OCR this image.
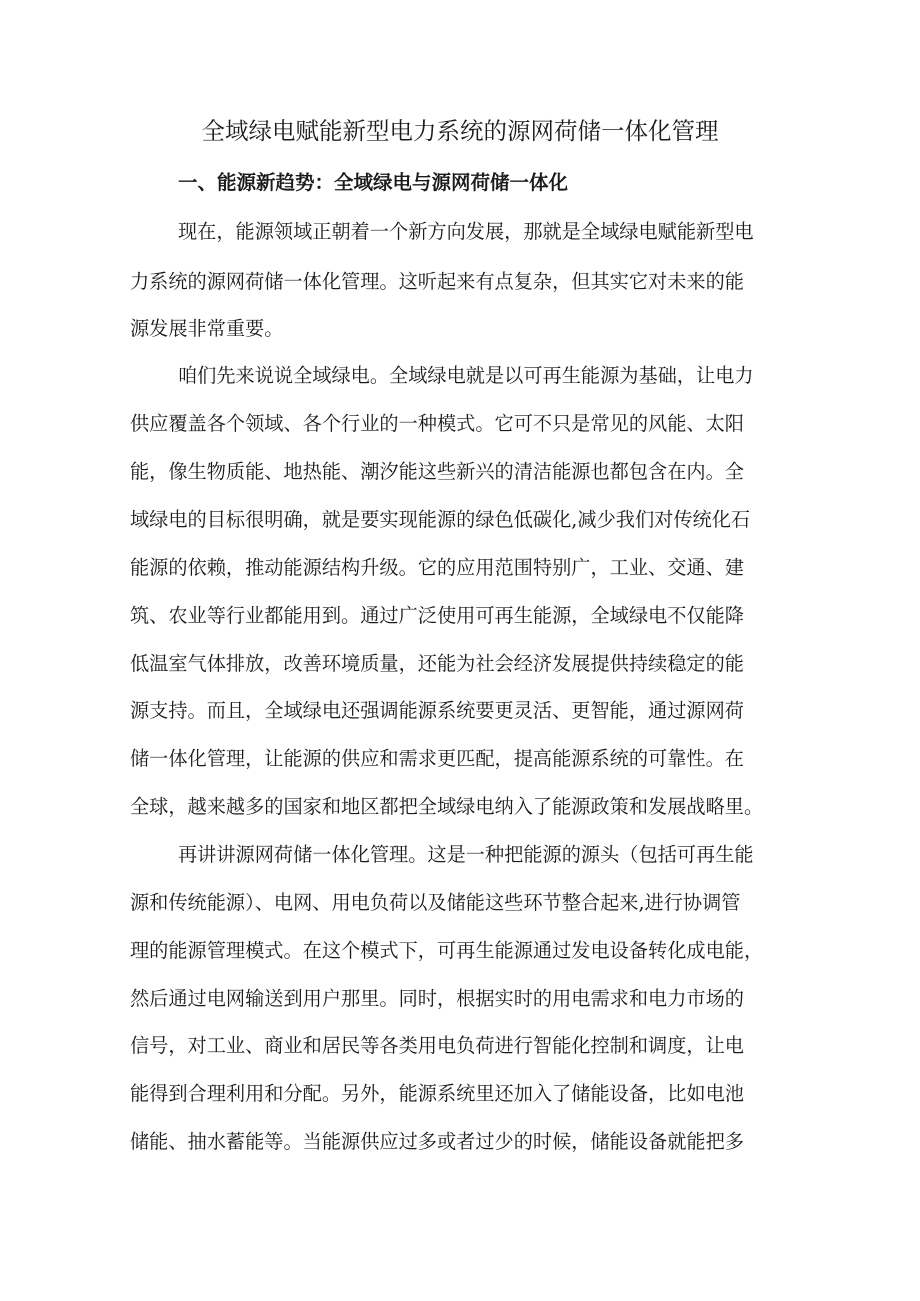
全域绿电赋能新型电力系统的源网荷储一体化管理
一、能源新趋势：全域绿电与源网荷储一体化

现在，能源领域正朝着一个新方向发展，那就是全域绿电赋能新型电

力系统的源网荷储一体化管理。这听起来有点复杂，但其实它对未来的能

源发展非常重要。

咱们先来说说全域绿电。全域绿电就是以可再生能源为基础，让电力

供应覆盖各个领域、各个行业的一种模式。它可不只是常见的风能、太阳

能，像生物质能、地热能、潮汐能这些新兴的清洁能源也都包含在内。全

域绿电的目标很明确，就是要实现能源的绿色低碳化,减少我们对传统化石

能源的依赖，推动能源结构升级。它的应用范围特别广，工业、交通、建

筑、农业等行业都能用到。通过广泛使用可再生能源，全域绿电不仅能降

低温室气体排放，改善环境质量，还能为社会经济发展提供持续稳定的能

源支持。而且，全域绿电还强调能源系统要更灵活、更智能，通过源网荷

储一体化管理，让能源的供应和需求更匹配，提高能源系统的可靠性。在

全球，越来越多的国家和地区都把全域绿电纳入了能源政策和发展战略里。

再讲讲源网荷储一体化管理。这是一种把能源的源头（包括可再生能

源和传统能源）、电网、用电负荷以及储能这些环节整合起来,进行协调管

理的能源管理模式。在这个模式下，可再生能源通过发电设备转化成电能，

然后通过电网输送到用户那里。同时，根据实时的用电需求和电力市场的

信号，对工业、商业和居民等各类用电负荷进行智能化控制和调度，让电

能得到合理利用和分配。另外，能源系统里还加入了储能设备，比如电池

储能、抽水蓄能等。当能源供应过多或者过少的时候，储能设备就能把多
